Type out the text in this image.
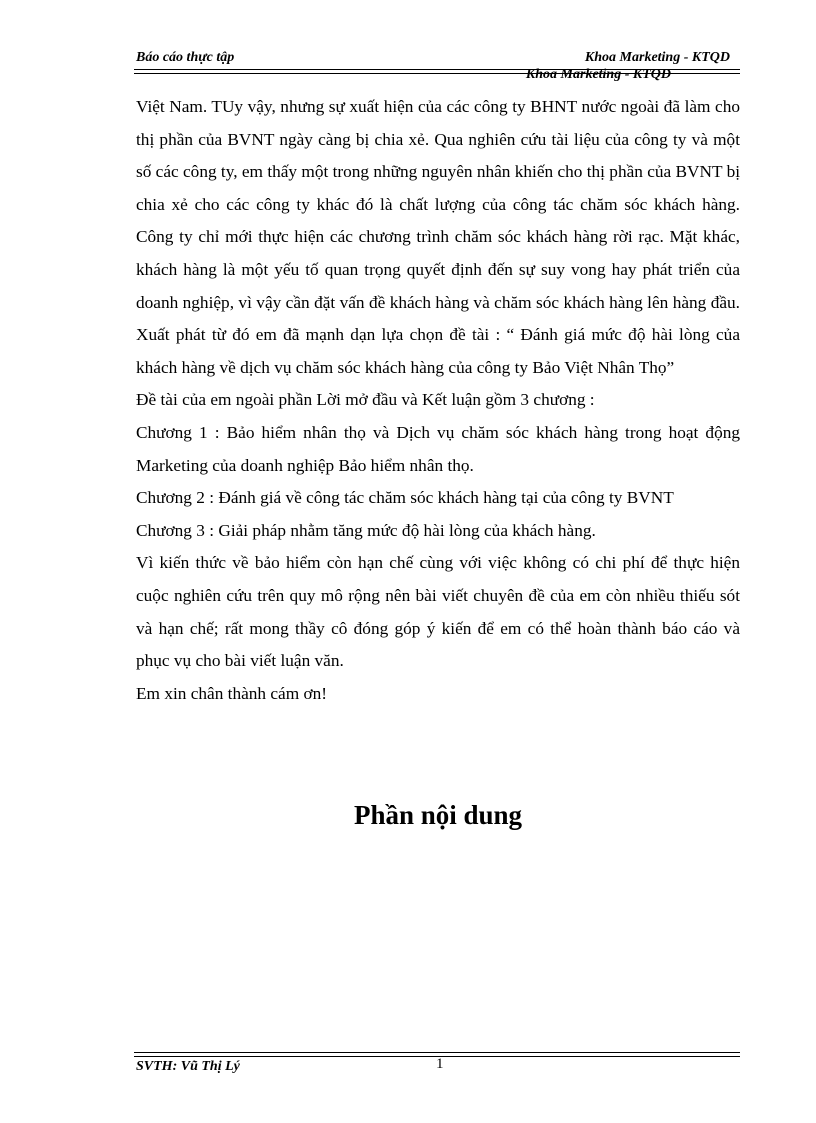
Báo cáo thực tập	Khoa Marketing - KTQD
Khoa Marketing - KTQD

Việt Nam. TUy vậy, nhưng sự xuất hiện của các công ty BHNT nước ngoài đã làm cho thị phần của BVNT ngày càng bị chia xẻ. Qua nghiên cứu tài liệu của công ty và một số các công ty, em thấy một trong những nguyên nhân khiến cho thị phần của BVNT bị chia xẻ cho các công ty khác đó là chất lượng của công tác chăm sóc khách hàng. Công ty chỉ mới thực hiện các chương trình chăm sóc khách hàng rời rạc. Mặt khác, khách hàng là một yếu tố quan trọng quyết định đến sự suy vong hay phát triển của doanh nghiệp, vì vậy cần đặt vấn đề khách hàng và chăm sóc khách hàng lên hàng đầu. Xuất phát từ đó em đã mạnh dạn lựa chọn đề tài : “ Đánh giá mức độ hài lòng của khách hàng về dịch vụ chăm sóc khách hàng của công ty Bảo Việt Nhân Thọ”

Đề tài của em ngoài phần Lời mở đầu và Kết luận gồm 3 chương :

Chương 1 : Bảo hiểm nhân thọ và Dịch vụ chăm sóc khách hàng trong hoạt động Marketing của doanh nghiệp Bảo hiểm nhân thọ.

Chương 2 : Đánh giá về công tác chăm sóc khách hàng tại của công ty BVNT

Chương 3 : Giải pháp nhằm tăng mức độ hài lòng của khách hàng.

Vì kiến thức về bảo hiểm còn hạn chế cùng với việc không có chi phí để thực hiện cuộc nghiên cứu trên quy mô rộng nên bài viết chuyên đề của em còn nhiều thiếu sót và hạn chế; rất mong thầy cô đóng góp ý kiến để em có thể hoàn thành báo cáo và phục vụ cho bài viết luận văn.

Em xin chân thành cám ơn!

Phần nội dung
SVTH: Vũ Thị Lý	1
